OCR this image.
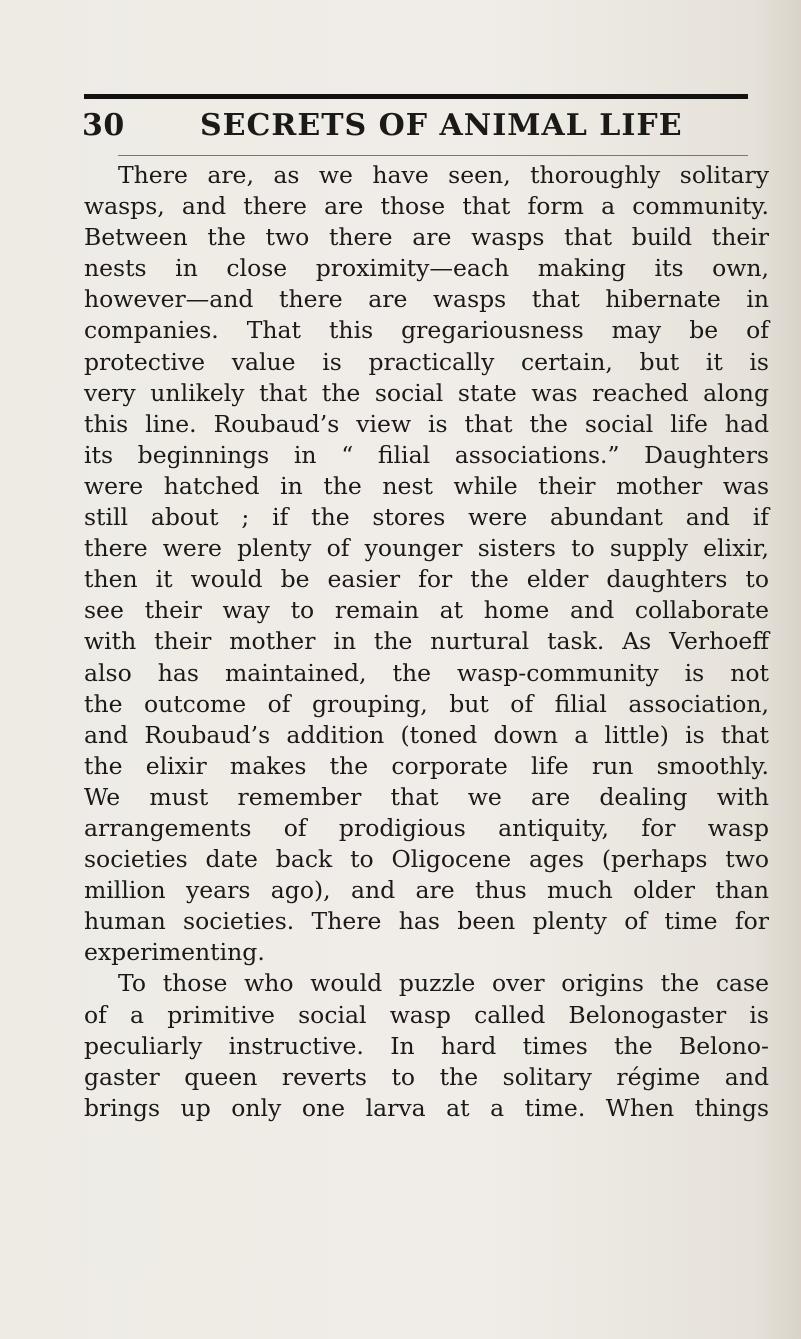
30	SECRETS OF ANIMAL LIFE
There are, as we have seen, thoroughly solitary
wasps, and there are those that form a community.
Between the two there are wasps that build their
nests in close proximity—each making its own,
however—and there are wasps that hibernate in
companies. That this gregariousness may be of
protective value is practically certain, but it is
very unlikely that the social state was reached along
this line. Roubaud’s view is that the social life had
its beginnings in “ filial associations.” Daughters
were hatched in the nest while their mother was
still about ; if the stores were abundant and if
there were plenty of younger sisters to supply elixir,
then it would be easier for the elder daughters to
see their way to remain at home and collaborate
with their mother in the nurtural task. As Verhoeff
also has maintained, the wasp-community is not
the outcome of grouping, but of filial association,
and Roubaud’s addition (toned down a little) is that
the elixir makes the corporate life run smoothly.
We must remember that we are dealing with
arrangements of prodigious antiquity, for wasp
societies date back to Oligocene ages (perhaps two
million years ago), and are thus much older than
human societies. There has been plenty of time for
experimenting.
To those who would puzzle over origins the case
of a primitive social wasp called Belonogaster is
peculiarly instructive. In hard times the Belono-
gaster queen reverts to the solitary régime and
brings up only one larva at a time. When things
